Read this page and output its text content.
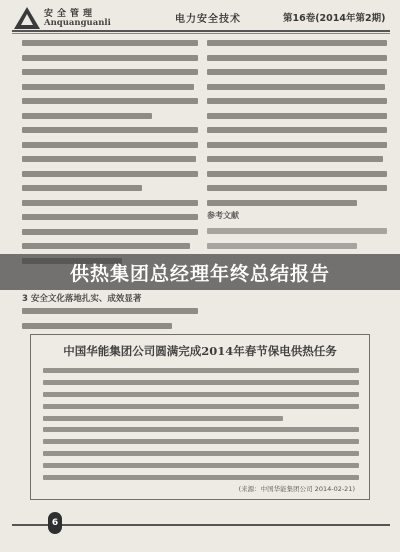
安全管理
Anquanguanli	电力安全技术	第16卷(2014年第2期)
参考文献
3 安全文化落地扎实、成效显著
中国华能集团公司圆满完成2014年春节保电供热任务
(来源：中国华能集团公司 2014-02-21)
6
供热集团总经理年终总结报告
